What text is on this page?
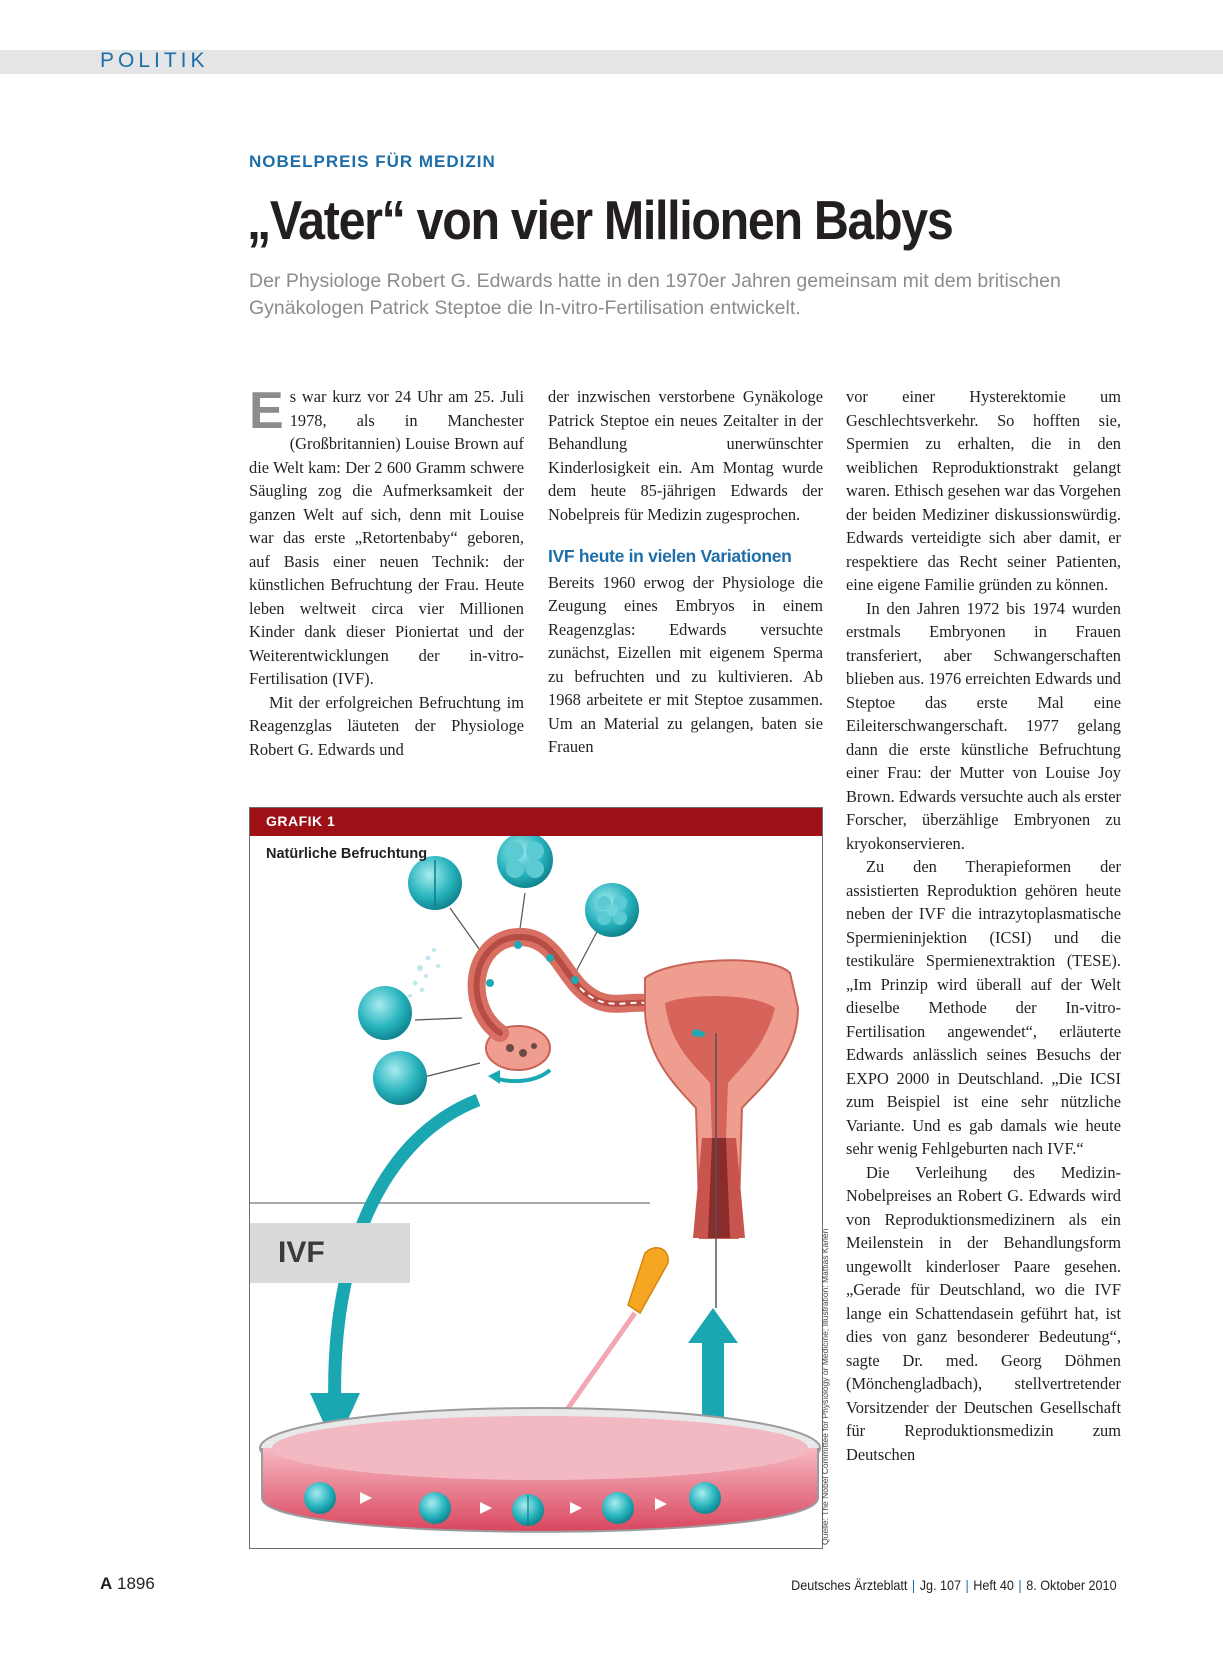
POLITIK
NOBELPREIS FÜR MEDIZIN
„Vater“ von vier Millionen Babys
Der Physiologe Robert G. Edwards hatte in den 1970er Jahren gemeinsam mit dem britischen Gynäkologen Patrick Steptoe die In-vitro-Fertilisation entwickelt.

Es war kurz vor 24 Uhr am 25. Juli 1978, als in Manchester (Großbritannien) Louise Brown auf die Welt kam: Der 2 600 Gramm schwere Säugling zog die Aufmerksamkeit der ganzen Welt auf sich, denn mit Louise war das erste „Retortenbaby“ geboren, auf Basis einer neuen Technik: der künstlichen Befruchtung der Frau. Heute leben weltweit circa vier Millionen Kinder dank dieser Pioniertat und der Weiterentwicklungen der in-vitro-Fertilisation (IVF).

Mit der erfolgreichen Befruchtung im Reagenzglas läuteten der Physiologe Robert G. Edwards und

der inzwischen verstorbene Gynäkologe Patrick Steptoe ein neues Zeitalter in der Behandlung unerwünschter Kinderlosigkeit ein. Am Montag wurde dem heute 85-jährigen Edwards der Nobelpreis für Medizin zugesprochen.

IVF heute in vielen Variationen

Bereits 1960 erwog der Physiologe die Zeugung eines Embryos in einem Reagenzglas: Edwards versuchte zunächst, Eizellen mit eigenem Sperma zu befruchten und zu kultivieren. Ab 1968 arbeitete er mit Steptoe zusammen. Um an Material zu gelangen, baten sie Frauen

vor einer Hysterektomie um Geschlechtsverkehr. So hofften sie, Spermien zu erhalten, die in den weiblichen Reproduktionstrakt gelangt waren. Ethisch gesehen war das Vorgehen der beiden Mediziner diskussionswürdig. Edwards verteidigte sich aber damit, er respektiere das Recht seiner Patienten, eine eigene Familie gründen zu können.

In den Jahren 1972 bis 1974 wurden erstmals Embryonen in Frauen transferiert, aber Schwangerschaften blieben aus. 1976 erreichten Edwards und Steptoe das erste Mal eine Eileiterschwangerschaft. 1977 gelang dann die erste künstliche Befruchtung einer Frau: der Mutter von Louise Joy Brown. Edwards versuchte auch als erster Forscher, überzählige Embryonen zu kryokonservieren.

Zu den Therapieformen der assistierten Reproduktion gehören heute neben der IVF die intrazytoplasmatische Spermieninjektion (ICSI) und die testikuläre Spermienextraktion (TESE). „Im Prinzip wird überall auf der Welt dieselbe Methode der In-vitro-Fertilisation angewendet“, erläuterte Edwards anlässlich seines Besuchs der EXPO 2000 in Deutschland. „Die ICSI zum Beispiel ist eine sehr nützliche Variante. Und es gab damals wie heute sehr wenig Fehlgeburten nach IVF.“

Die Verleihung des Medizin-Nobelpreises an Robert G. Edwards wird von Reproduktionsmedizinern als ein Meilenstein in der Behandlungsform ungewollt kinderloser Paare gesehen. „Gerade für Deutschland, wo die IVF lange ein Schattendasein geführt hat, ist dies von ganz besonderer Bedeutung“, sagte Dr. med. Georg Döhmen (Mönchengladbach), stellvertretender Vorsitzender der Deutschen Gesellschaft für Reproduktionsmedizin zum Deutschen

GRAFIK 1
Natürliche Befruchtung
IVF	Quelle: The Nobel Committee for Physiology or Medicine; Illustration: Mattias Karlén
A 1896	Deutsches Ärzteblatt | Jg. 107 | Heft 40 | 8. Oktober 2010
